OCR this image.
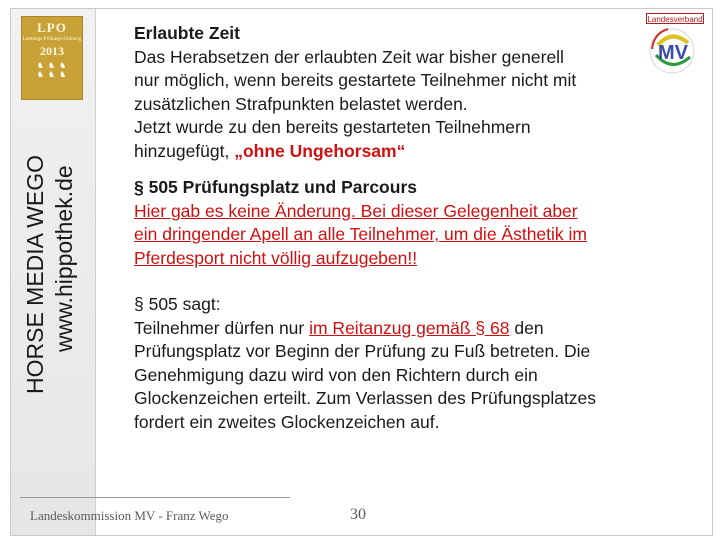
LPO
Leistungs-Prüfungs-Ordnung
2013
♞ ♞ ♞
♞ ♞ ♞
HORSE MEDIA WEGO www.hippothek.de
MV
Landesverband

Erlaubte Zeit

Das Herabsetzen der erlaubten Zeit war bisher generell

nur möglich, wenn bereits gestartete Teilnehmer nicht mit

zusätzlichen Strafpunkten belastet werden.

Jetzt wurde zu den bereits gestarteten Teilnehmern

hinzugefügt, „ohne Ungehorsam“

§ 505 Prüfungsplatz und Parcours

Hier gab es keine Änderung. Bei dieser Gelegenheit aber

ein dringender Apell an alle Teilnehmer, um die Ästhetik im

Pferdesport nicht völlig aufzugeben!!

§ 505 sagt:

Teilnehmer dürfen nur im Reitanzug gemäß § 68 den

Prüfungsplatz vor Beginn der Prüfung zu Fuß betreten. Die

Genehmigung dazu wird von den Richtern durch ein

Glockenzeichen erteilt. Zum Verlassen des Prüfungsplatzes

fordert ein zweites Glockenzeichen auf.

Landeskommission MV - Franz Wego	30
